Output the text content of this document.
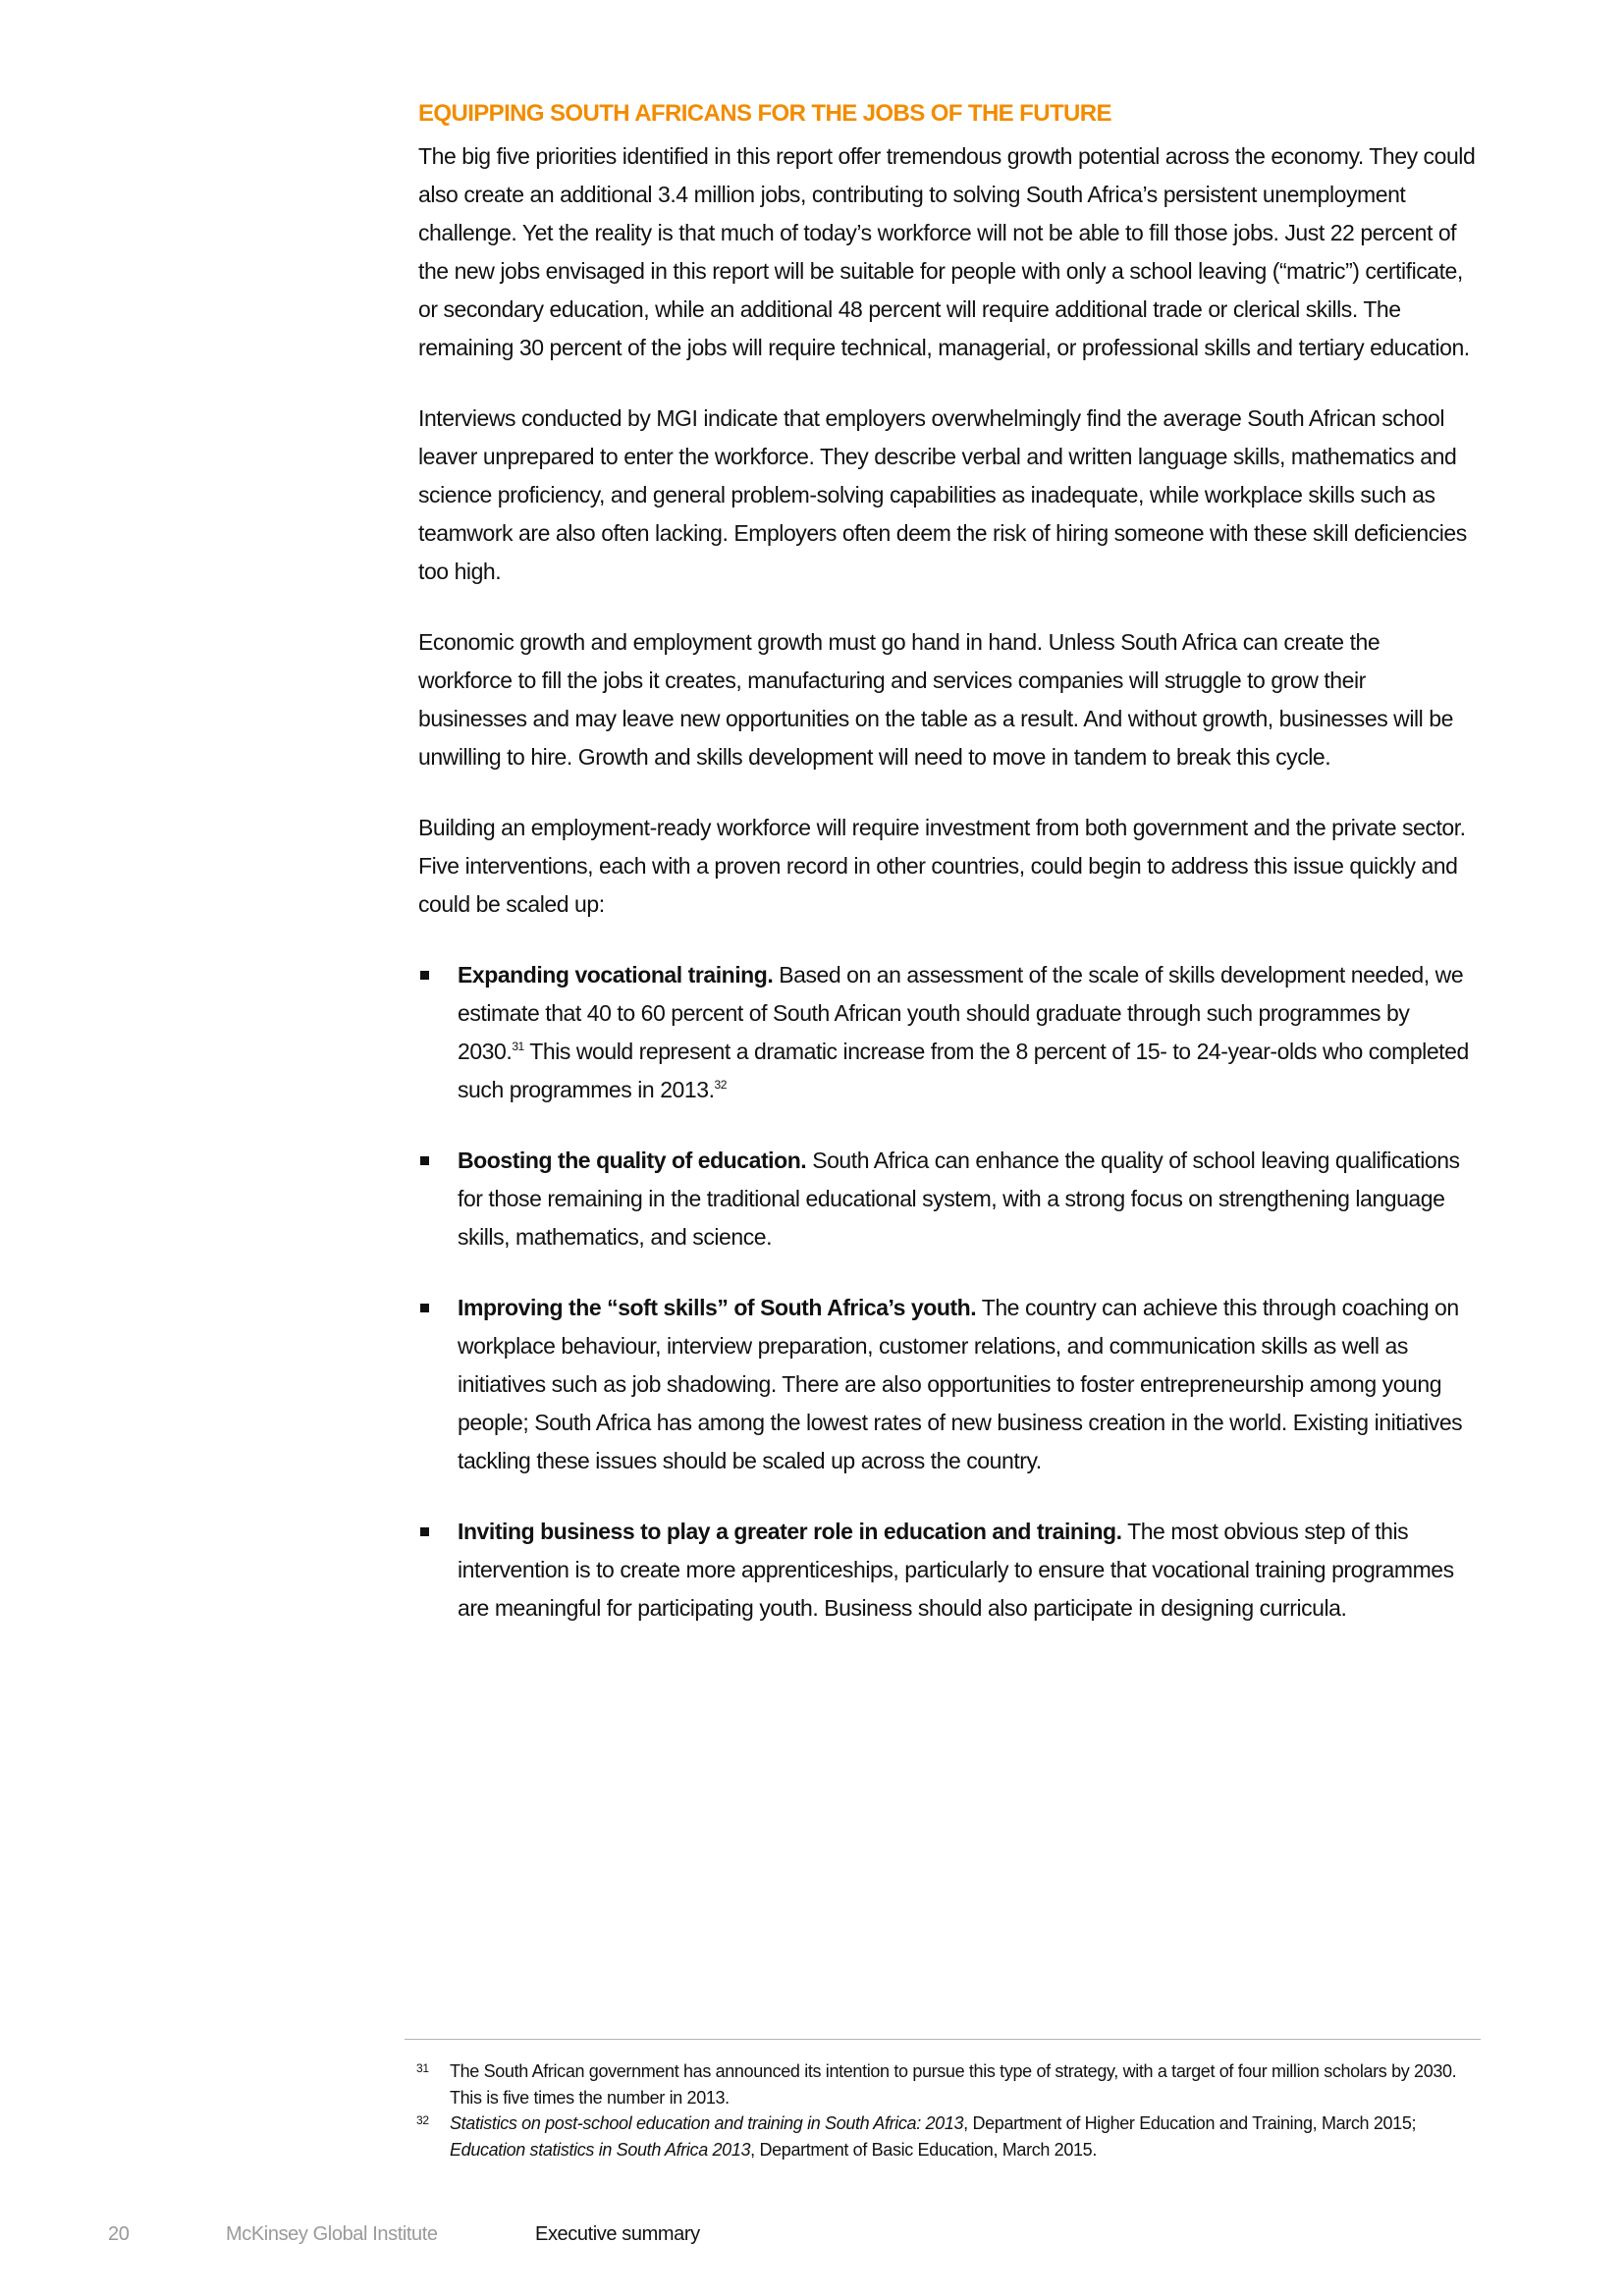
EQUIPPING SOUTH AFRICANS FOR THE JOBS OF THE FUTURE

The big five priorities identified in this report offer tremendous growth potential across the economy. They could also create an additional 3.4 million jobs, contributing to solving South Africa’s persistent unemployment challenge. Yet the reality is that much of today’s workforce will not be able to fill those jobs. Just 22 percent of the new jobs envisaged in this report will be suitable for people with only a school leaving (“matric”) certificate, or secondary education, while an additional 48 percent will require additional trade or clerical skills. The remaining 30 percent of the jobs will require technical, managerial, or professional skills and tertiary education.

Interviews conducted by MGI indicate that employers overwhelmingly find the average South African school leaver unprepared to enter the workforce. They describe verbal and written language skills, mathematics and science proficiency, and general problem-solving capabilities as inadequate, while workplace skills such as teamwork are also often lacking. Employers often deem the risk of hiring someone with these skill deficiencies too high.

Economic growth and employment growth must go hand in hand. Unless South Africa can create the workforce to fill the jobs it creates, manufacturing and services companies will struggle to grow their businesses and may leave new opportunities on the table as a result. And without growth, businesses will be unwilling to hire. Growth and skills development will need to move in tandem to break this cycle.

Building an employment-ready workforce will require investment from both government and the private sector. Five interventions, each with a proven record in other countries, could begin to address this issue quickly and could be scaled up:

Expanding vocational training. Based on an assessment of the scale of skills development needed, we estimate that 40 to 60 percent of South African youth should graduate through such programmes by 2030.31 This would represent a dramatic increase from the 8 percent of 15- to 24-year-olds who completed such programmes in 2013.32
Boosting the quality of education. South Africa can enhance the quality of school leaving qualifications for those remaining in the traditional educational system, with a strong focus on strengthening language skills, mathematics, and science.
Improving the “soft skills” of South Africa’s youth. The country can achieve this through coaching on workplace behaviour, interview preparation, customer relations, and communication skills as well as initiatives such as job shadowing. There are also opportunities to foster entrepreneurship among young people; South Africa has among the lowest rates of new business creation in the world. Existing initiatives tackling these issues should be scaled up across the country.
Inviting business to play a greater role in education and training. The most obvious step of this intervention is to create more apprenticeships, particularly to ensure that vocational training programmes are meaningful for participating youth. Business should also participate in designing curricula.

31 The South African government has announced its intention to pursue this type of strategy, with a target of four million scholars by 2030. This is five times the number in 2013.

32 Statistics on post-school education and training in South Africa: 2013, Department of Higher Education and Training, March 2015; Education statistics in South Africa 2013, Department of Basic Education, March 2015.

20	McKinsey Global Institute	Executive summary
